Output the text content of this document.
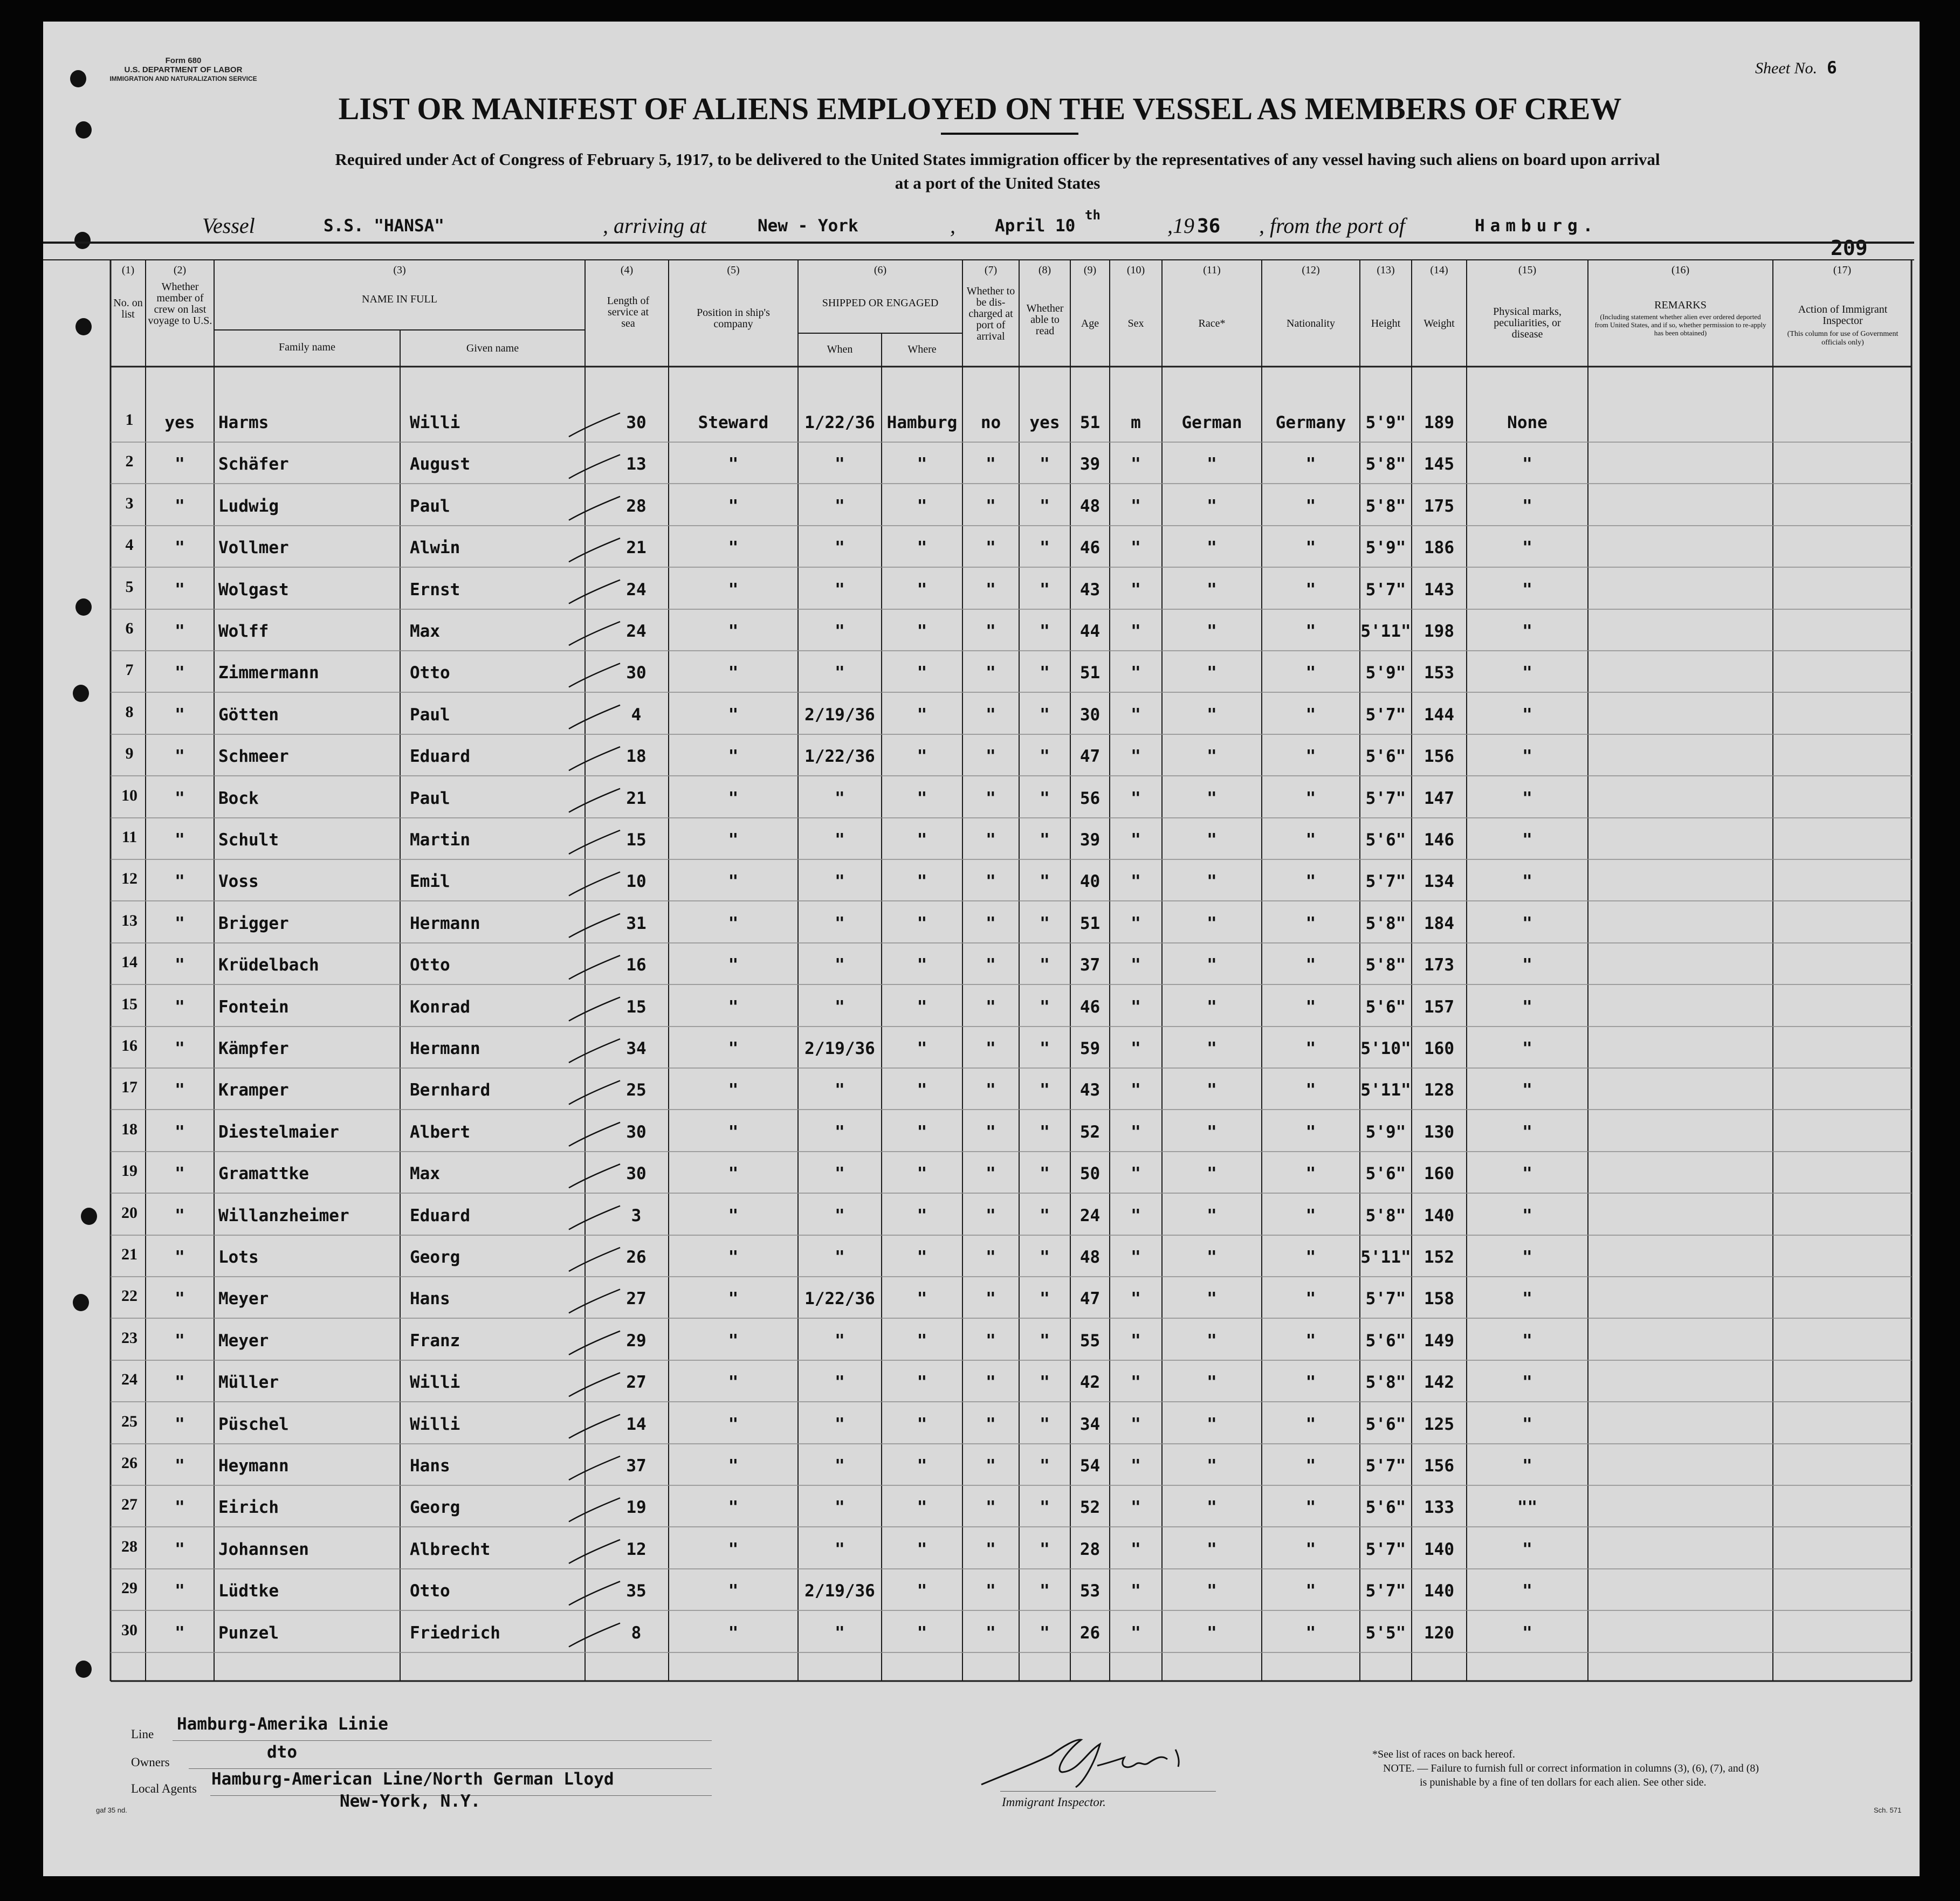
Form 680
U.S. DEPARTMENT OF LABOR
IMMIGRATION AND NATURALIZATION SERVICE
Sheet No. 6
209
LIST OR MANIFEST OF ALIENS EMPLOYED ON THE VESSEL AS MEMBERS OF CREW
Required under Act of Congress of February 5, 1917, to be delivered to the United States immigration officer by the representatives of any vessel having such aliens on board upon arrival
at a port of the United States
Vessel	S.S. "HANSA"	, arriving at	New - York	, April 10
th	,19 36 , from the port of	Hamburg.
(1)	(2)	(3)	(4)	(5)	(6)	(7)	(8)	(9)	(10)	(11)	(12)	(13)	(14)	(15)	(16)	(17)
No. on list
Whether member of crew on last voyage to U.S.
NAME IN FULL
Family name	Given name
Length of service at sea
Position in ship's company
SHIPPED OR ENGAGED
When	Where
Whether to be dis-charged at port of arrival
Whether able to read
Age	Sex	Race*	Nationality	Height	Weight
Physical marks, peculiarities, or disease
REMARKS
(Including statement whether alien ever ordered deported from United States, and if so, whether permission to re-apply has been obtained)
Action of Immigrant Inspector
(This column for use of Government officials only)
1	yes	Harms	Willi	30	Steward	1/22/36 Hamburg	no	yes	51	m	German	Germany	5'9"	189	None
2	"	Schäfer	August	13	"	"	"	"	"	39	"	"	"	5'8"	145	"
3	"	Ludwig	Paul	28	"	"	"	"	"	48	"	"	"	5'8"	175	"
4	"	Vollmer	Alwin	21	"	"	"	"	"	46	"	"	"	5'9"	186	"
5	"	Wolgast	Ernst	24	"	"	"	"	"	43	"	"	"	5'7"	143	"
6	"	Wolff	Max	24	"	"	"	"	"	44	"	"	"	5'11" 198	"
7	"	Zimmermann	Otto	30	"	"	"	"	"	51	"	"	"	5'9"	153	"
8	"	Götten	Paul	4	"	2/19/36	"	"	"	30	"	"	"	5'7"	144	"
9	"	Schmeer	Eduard	18	"	1/22/36	"	"	"	47	"	"	"	5'6"	156	"
10	"	Bock	Paul	21	"	"	"	"	"	56	"	"	"	5'7"	147	"
11	"	Schult	Martin	15	"	"	"	"	"	39	"	"	"	5'6"	146	"
12	"	Voss	Emil	10	"	"	"	"	"	40	"	"	"	5'7"	134	"
13	"	Brigger	Hermann	31	"	"	"	"	"	51	"	"	"	5'8"	184	"
14	"	Krüdelbach	Otto	16	"	"	"	"	"	37	"	"	"	5'8"	173	"
15	"	Fontein	Konrad	15	"	"	"	"	"	46	"	"	"	5'6"	157	"
16	"	Kämpfer	Hermann	34	"	2/19/36	"	"	"	59	"	"	"	5'10" 160	"
17	"	Kramper	Bernhard	25	"	"	"	"	"	43	"	"	"	5'11" 128	"
18	"	Diestelmaier	Albert	30	"	"	"	"	"	52	"	"	"	5'9"	130	"
19	"	Gramattke	Max	30	"	"	"	"	"	50	"	"	"	5'6"	160	"
20	"	Willanzheimer	Eduard	3	"	"	"	"	"	24	"	"	"	5'8"	140	"
21	"	Lots	Georg	26	"	"	"	"	"	48	"	"	"	5'11" 152	"
22	"	Meyer	Hans	27	"	1/22/36	"	"	"	47	"	"	"	5'7"	158	"
23	"	Meyer	Franz	29	"	"	"	"	"	55	"	"	"	5'6"	149	"
24	"	Müller	Willi	27	"	"	"	"	"	42	"	"	"	5'8"	142	"
25	"	Püschel	Willi	14	"	"	"	"	"	34	"	"	"	5'6"	125	"
26	"	Heymann	Hans	37	"	"	"	"	"	54	"	"	"	5'7"	156	"
27	"	Eirich	Georg	19	"	"	"	"	"	52	"	"	"	5'6"	133	""
28	"	Johannsen	Albrecht	12	"	"	"	"	"	28	"	"	"	5'7"	140	"
29	"	Lüdtke	Otto	35	"	2/19/36	"	"	"	53	"	"	"	5'7"	140	"
30	"	Punzel	Friedrich	8	"	"	"	"	"	26	"	"	"	5'5"	120	"
Line
Hamburg-Amerika Linie
Owners
dto
Local Agents Hamburg-American Line/North German Lloyd
New-York, N.Y.	Immigrant Inspector.
*See list of races on back hereof.
NOTE. — Failure to furnish full or correct information in columns (3), (6), (7), and (8)
is punishable by a fine of ten dollars for each alien. See other side.
gaf 35 nd.	Sch. 571
